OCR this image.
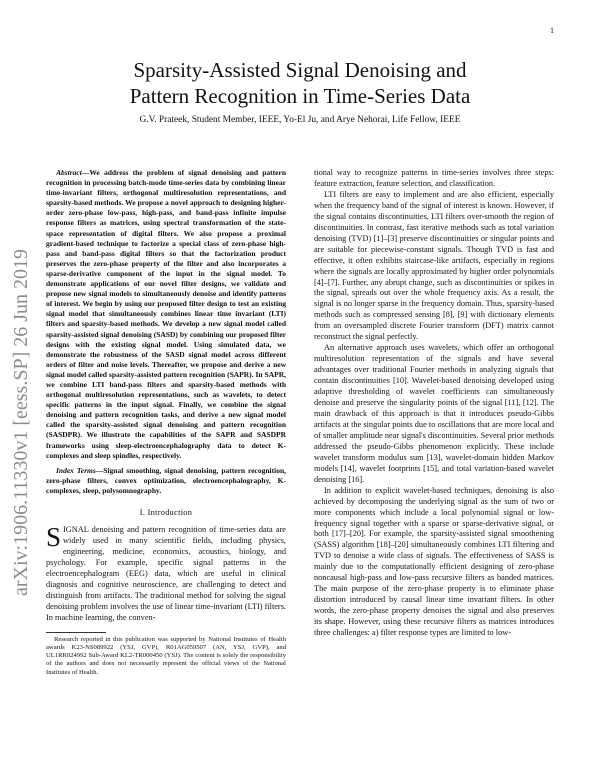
1
arXiv:1906.11330v1 [eess.SP] 26 Jun 2019
Sparsity-Assisted Signal Denoising and
Pattern Recognition in Time-Series Data
G.V. Prateek, Student Member, IEEE, Yo-El Ju, and Arye Nehorai, Life Fellow, IEEE

Abstract—We address the problem of signal denoising and pattern recognition in processing batch-mode time-series data by combining linear time-invariant filters, orthogonal multiresolution representations, and sparsity-based methods. We propose a novel approach to designing higher-order zero-phase low-pass, high-pass, and band-pass infinite impulse response filters as matrices, using spectral transformation of the state-space representation of digital filters. We also propose a proximal gradient-based technique to factorize a special class of zero-phase high-pass and band-pass digital filters so that the factorization product preserves the zero-phase property of the filter and also incorporates a sparse-derivative component of the input in the signal model. To demonstrate applications of our novel filter designs, we validate and propose new signal models to simultaneously denoise and identify patterns of interest. We begin by using our proposed filter design to test an existing signal model that simultaneously combines linear time invariant (LTI) filters and sparsity-based methods. We develop a new signal model called sparsity-assisted signal denoising (SASD) by combining our proposed filter designs with the existing signal model. Using simulated data, we demonstrate the robustness of the SASD signal model across different orders of filter and noise levels. Thereafter, we propose and derive a new signal model called sparsity-assisted pattern recognition (SAPR). In SAPR, we combine LTI band-pass filters and sparsity-based methods with orthogonal multiresolution representations, such as wavelets, to detect specific patterns in the input signal. Finally, we combine the signal denoising and pattern recognition tasks, and derive a new signal model called the sparsity-assisted signal denoising and pattern recognition (SASDPR). We illustrate the capabilities of the SAPR and SASDPR frameworks using sleep-electroencephalography data to detect K-complexes and sleep spindles, respectively.

Index Terms—Signal smoothing, signal denoising, pattern recognition, zero-phase filters, convex optimization, electroencephalography, K-complexes, sleep, polysomnography.

I. Introduction

SIGNAL denoising and pattern recognition of time-series data are widely used in many scientific fields, including physics, engineering, medicine, economics, acoustics, biology, and psychology. For example, specific signal patterns in the electroencephalogram (EEG) data, which are useful in clinical diagnosis and cognitive neuroscience, are challenging to detect and distinguish from artifacts. The traditional method for solving the signal denoising problem involves the use of linear time-invariant (LTI) filters. In machine learning, the conven-

Research reported in this publication was supported by National Institutes of Health awards K23-NS089922 (YSJ, GVP), R01AG059507 (AN, YSJ, GVP), and UL1RR024992 Sub-Award KL2-TR000450 (YSJ). The content is solely the responsibility of the authors and does not necessarily represent the official views of the National Institutes of Health.

tional way to recognize patterns in time-series involves three steps: feature extraction, feature selection, and classification.

LTI filters are easy to implement and are also efficient, especially when the frequency band of the signal of interest is known. However, if the signal contains discontinuities, LTI filters over-smooth the region of discontinuities. In contrast, fast iterative methods such as total variation denoising (TVD) [1]–[3] preserve discontinuities or singular points and are suitable for piecewise-constant signals. Though TVD is fast and effective, it often exhibits staircase-like artifacts, especially in regions where the signals are locally approximated by higher order polynomials [4]–[7]. Further, any abrupt change, such as discontinuities or spikes in the signal, spreads out over the whole frequency axis. As a result, the signal is no longer sparse in the frequency domain. Thus, sparsity-based methods such as compressed sensing [8], [9] with dictionary elements from an oversampled discrete Fourier transform (DFT) matrix cannot reconstruct the signal perfectly.

An alternative approach uses wavelets, which offer an orthogonal multiresolution representation of the signals and have several advantages over traditional Fourier methods in analyzing signals that contain discontinuities [10]. Wavelet-based denoising developed using adaptive thresholding of wavelet coefficients can simultaneously denoise and preserve the singularity points of the signal [11], [12]. The main drawback of this approach is that it introduces pseudo-Gibbs artifacts at the singular points due to oscillations that are more local and of smaller amplitude near signal's discontinuities. Several prior methods addressed the pseudo-Gibbs phenomenon explicitly. These include wavelet transform modulus sum [13], wavelet-domain hidden Markov models [14], wavelet footprints [15], and total variation-based wavelet denoising [16].

In addition to explicit wavelet-based techniques, denoising is also achieved by decomposing the underlying signal as the sum of two or more components which include a local polynomial signal or low-frequency signal together with a sparse or sparse-derivative signal, or both [17]–[20]. For example, the sparsity-assisted signal smoothening (SASS) algorithm [18]–[20] simultaneously combines LTI filtering and TVD to denoise a wide class of signals. The effectiveness of SASS is mainly due to the computationally efficient designing of zero-phase noncausal high-pass and low-pass recursive filters as banded matrices. The main purpose of the zero-phase property is to eliminate phase distortion introduced by causal linear time invariant filters. In other words, the zero-phase property denoises the signal and also preserves its shape. However, using these recursive filters as matrices introduces three challenges: a) filter response types are limited to low-
